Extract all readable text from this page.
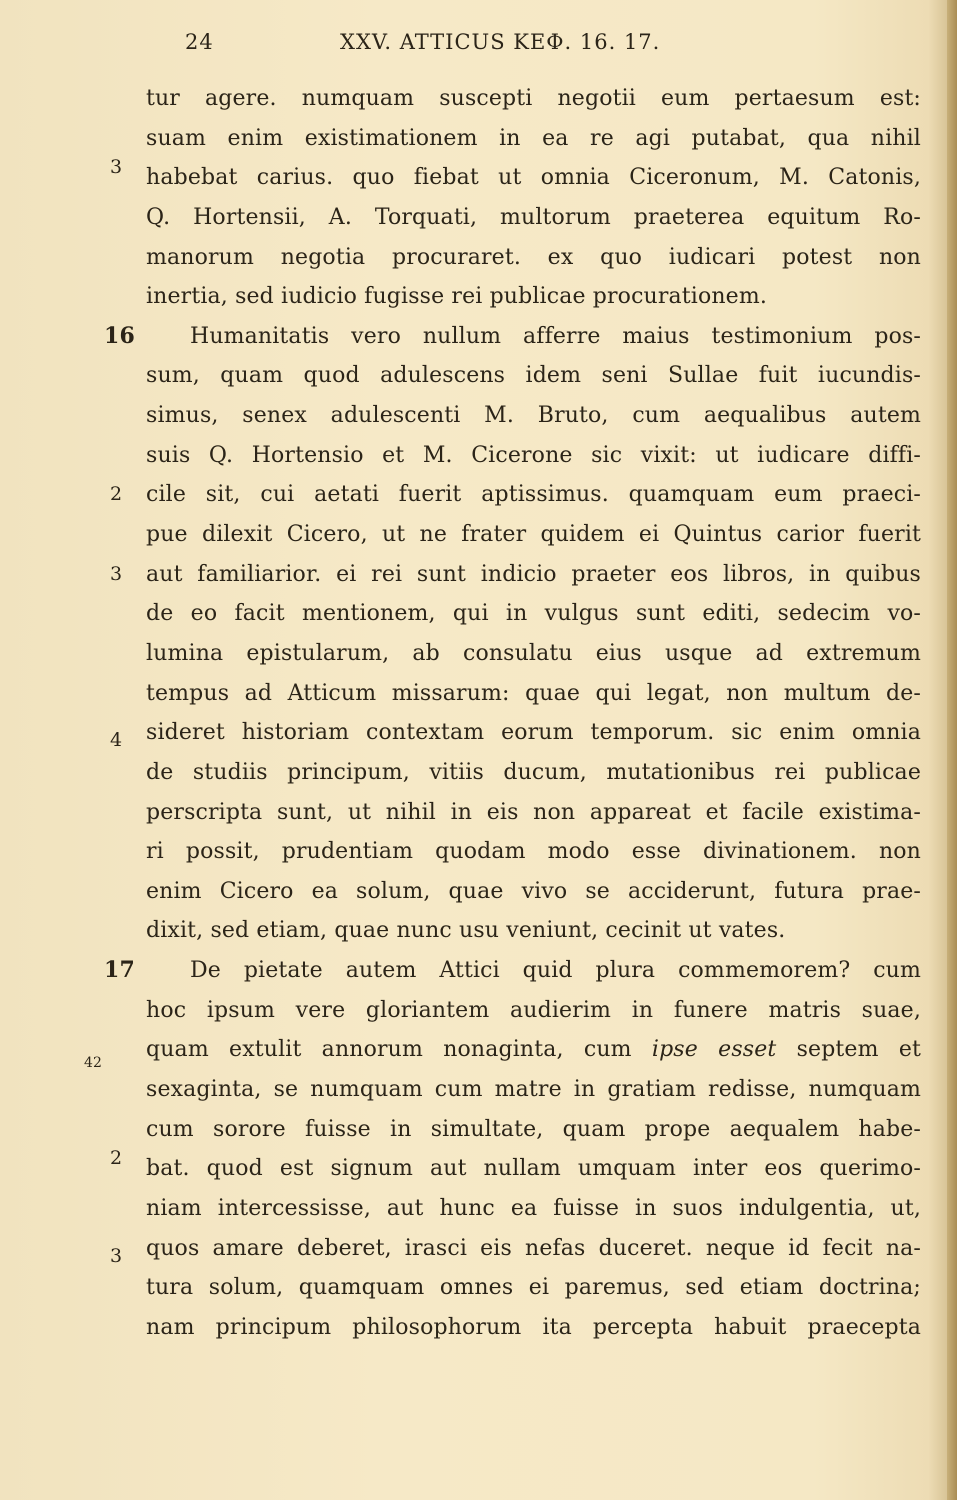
24	XXV. ATTICUS ΚΕΦ. 16. 17.
tur agere. numquam suscepti negotii eum pertaesum est:
suam enim existimationem in ea re agi putabat, qua nihil
3	habebat carius. quo fiebat ut omnia Ciceronum, M. Catonis,
Q. Hortensii, A. Torquati, multorum praeterea equitum Ro-
manorum negotia procuraret. ex quo iudicari potest non
inertia, sed iudicio fugisse rei publicae procurationem.
16	Humanitatis vero nullum afferre maius testimonium pos-
sum, quam quod adulescens idem seni Sullae fuit iucundis-
simus, senex adulescenti M. Bruto, cum aequalibus autem
suis Q. Hortensio et M. Cicerone sic vixit: ut iudicare diffi-
2	cile sit, cui aetati fuerit aptissimus. quamquam eum praeci-
pue dilexit Cicero, ut ne frater quidem ei Quintus carior fuerit
3	aut familiarior. ei rei sunt indicio praeter eos libros, in quibus
de eo facit mentionem, qui in vulgus sunt editi, sedecim vo-
lumina epistularum, ab consulatu eius usque ad extremum
tempus ad Atticum missarum: quae qui legat, non multum de-
4	sideret historiam contextam eorum temporum. sic enim omnia
de studiis principum, vitiis ducum, mutationibus rei publicae
perscripta sunt, ut nihil in eis non appareat et facile existima-
ri possit, prudentiam quodam modo esse divinationem. non
enim Cicero ea solum, quae vivo se acciderunt, futura prae-
dixit, sed etiam, quae nunc usu veniunt, cecinit ut vates.
17	De pietate autem Attici quid plura commemorem? cum
hoc ipsum vere gloriantem audierim in funere matris suae,
42
quam extulit annorum nonaginta, cum ipse esset septem et
sexaginta, se numquam cum matre in gratiam redisse, numquam
cum sorore fuisse in simultate, quam prope aequalem habe-
2	bat. quod est signum aut nullam umquam inter eos querimo-
niam intercessisse, aut hunc ea fuisse in suos indulgentia, ut,
3	quos amare deberet, irasci eis nefas duceret. neque id fecit na-
tura solum, quamquam omnes ei paremus, sed etiam doctrina;
nam principum philosophorum ita percepta habuit praecepta
